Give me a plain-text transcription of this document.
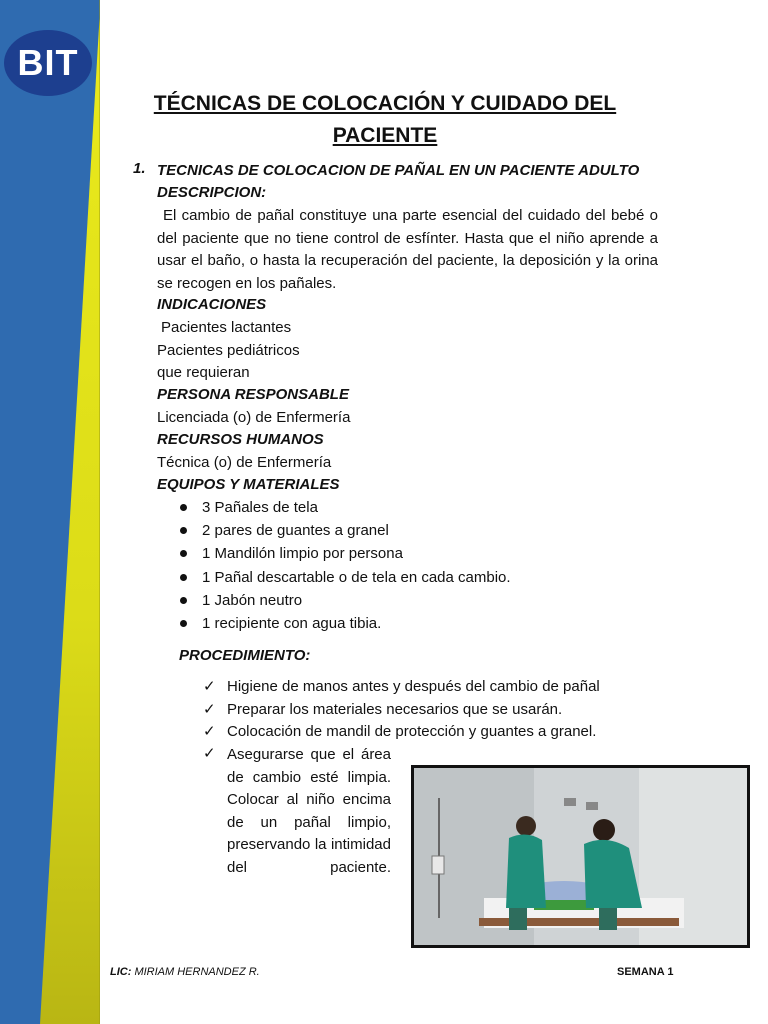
BIT
TÉCNICAS DE COLOCACIÓN Y CUIDADO DEL
PACIENTE
1. TECNICAS DE COLOCACION DE PAÑAL EN UN PACIENTE ADULTO
DESCRIPCION:
El cambio de pañal constituye una parte esencial del cuidado del bebé o del paciente que no tiene control de esfínter. Hasta que el niño aprende a usar el baño, o hasta la recuperación del paciente, la deposición y la orina se recogen en los pañales.
INDICACIONES
Pacientes lactantes
Pacientes pediátricos
que requieran
PERSONA RESPONSABLE
Licenciada (o) de Enfermería
RECURSOS HUMANOS
Técnica (o) de Enfermería
EQUIPOS Y MATERIALES
3 Pañales de tela
2 pares de guantes a granel
1 Mandilón limpio por persona
1 Pañal descartable o de tela en cada cambio.
1 Jabón neutro
1 recipiente con agua tibia.
PROCEDIMIENTO:
✓ Higiene de manos antes y después del cambio de pañal
✓ Preparar los materiales necesarios que se usarán.
✓ Colocación de mandil de protección y guantes a granel.
✓ Asegurarse que el área de cambio esté limpia. Colocar al niño encima de un pañal limpio, preservando la intimidad del paciente.
LIC: MIRIAM HERNANDEZ R.	SEMANA 1
